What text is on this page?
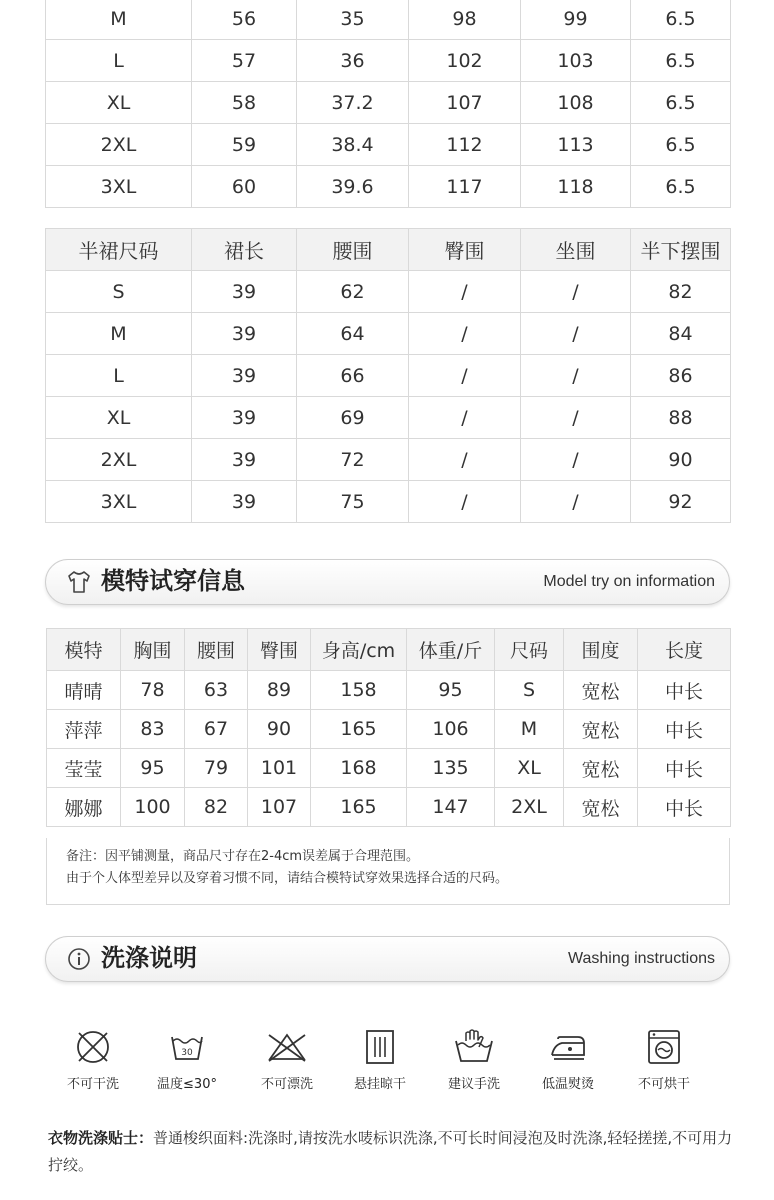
M	56	35	98	99	6.5
L	57	36	102	103	6.5
XL	58	37.2	107	108	6.5
2XL	59	38.4	112	113	6.5
3XL	60	39.6	117	118	6.5
半裙尺码	裙长	腰围	臀围	坐围	半下摆围
S	39	62	/	/	82
M	39	64	/	/	84
L	39	66	/	/	86
XL	39	69	/	/	88
2XL	39	72	/	/	90
3XL	39	75	/	/	92
模特试穿信息	Model try on information
模特	胸围	腰围	臀围	身高/cm	体重/斤	尺码	围度	长度
晴晴	78	63	89	158	95	S	宽松	中长
萍萍	83	67	90	165	106	M	宽松	中长
莹莹	95	79	101	168	135	XL	宽松	中长
娜娜	100	82	107	165	147	2XL	宽松	中长
备注：因平铺测量，商品尺寸存在2-4cm误差属于合理范围。
由于个人体型差异以及穿着习惯不同，请结合模特试穿效果选择合适的尺码。
洗涤说明	Washing instructions
不可干洗
30
温度≤30°	不可漂洗	悬挂晾干	建议手洗	低温熨烫	不可烘干
衣物洗涤贴士：普通梭织面料:洗涤时,请按洗水唛标识洗涤,不可长时间浸泡及时洗涤,轻轻搓搓,不可用力拧绞。
